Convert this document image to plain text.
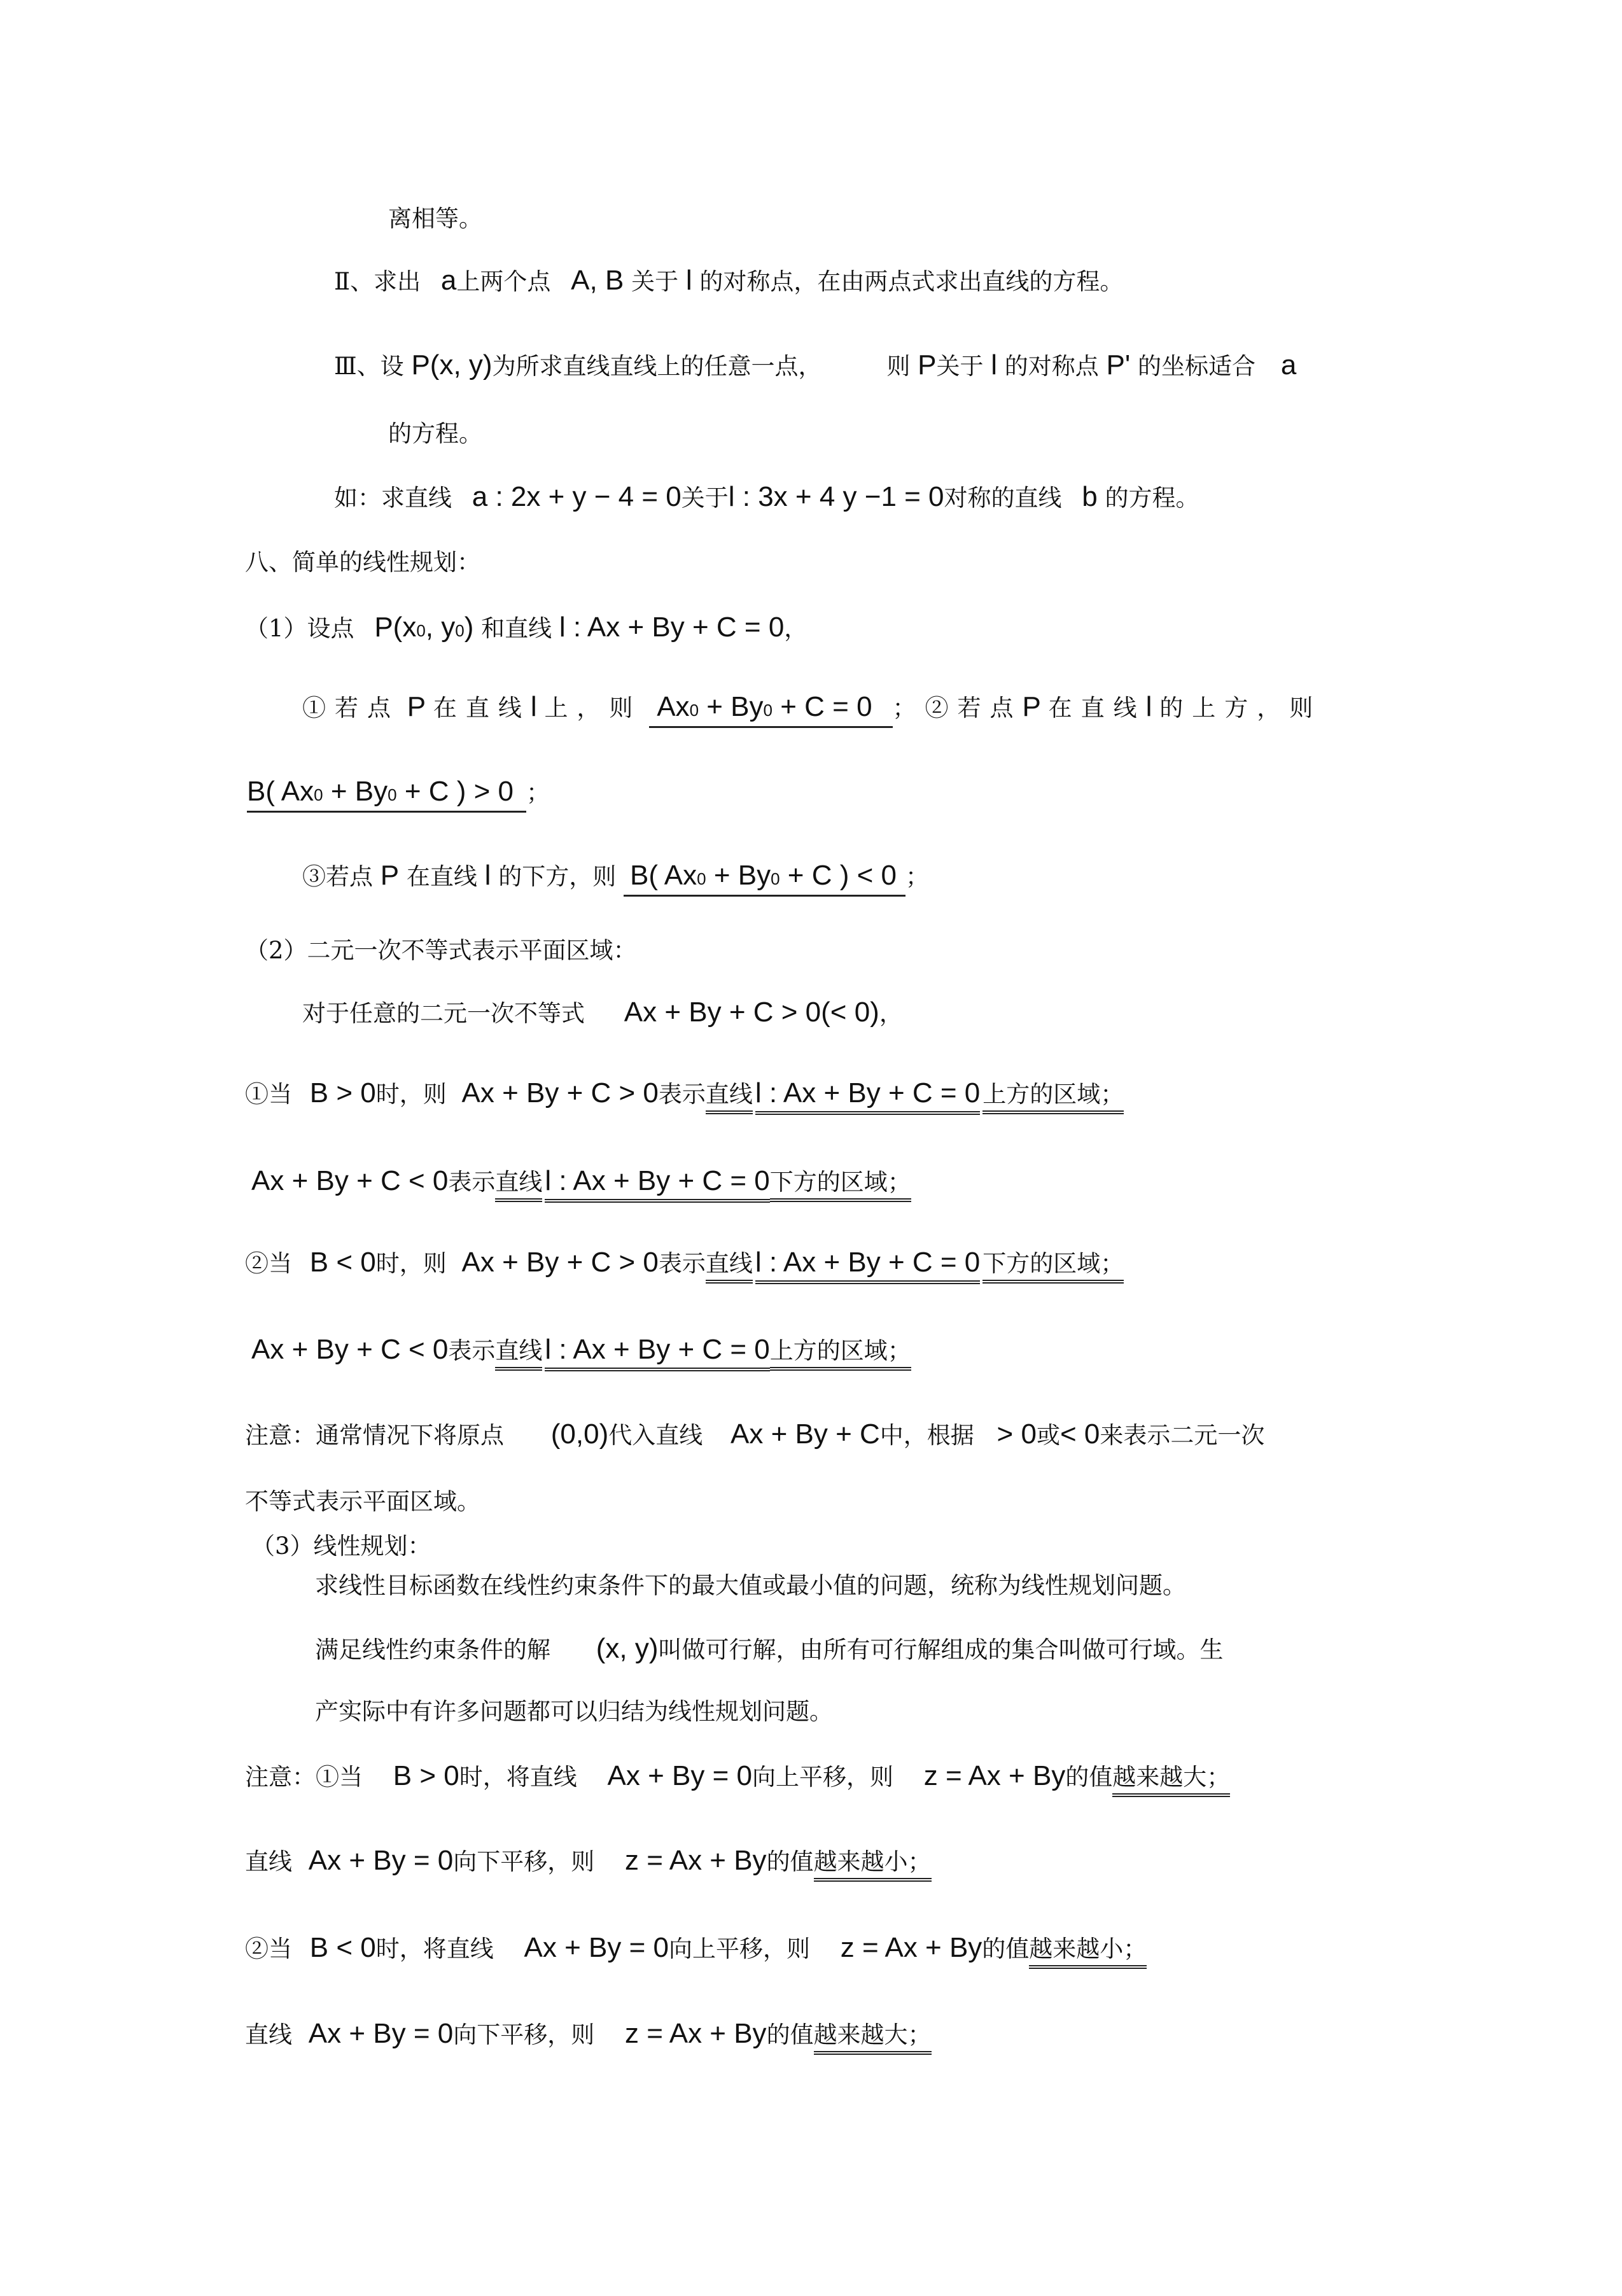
离相等。
Ⅱ、求出 a上两个点 A, B 关于 l 的对称点，在由两点式求出直线的方程。
Ⅲ、设 P(x, y)为所求直线直线上的任意一点，	则 P关于 l 的对称点 P' 的坐标适合 a
的方程。
如：求直线 a : 2x + y − 4 = 0关于l : 3x + 4 y −1 = 0对称的直线 b 的方程。
八、简单的线性规划：
（1）设点 P(x0, y0) 和直线 l : Ax + By + C = 0，
①若点 P 在直线l 上，则 Ax0 + By0 + C = 0 ；②若点P 在直线l 的上方，则
B( Ax0 + By0 + C ) > 0 ；
③若点 P 在直线 l 的下方，则 B( Ax0 + By0 + C ) < 0 ；
（2）二元一次不等式表示平面区域：
对于任意的二元一次不等式 Ax + By + C > 0(< 0)，
①当 B > 0时，则 Ax + By + C > 0表示直线l : Ax + By + C = 0 上方的区域；
Ax + By + C < 0表示直线l : Ax + By + C = 0下方的区域；
②当 B < 0时，则 Ax + By + C > 0表示直线l : Ax + By + C = 0 下方的区域；
Ax + By + C < 0表示直线l : Ax + By + C = 0上方的区域；
注意：通常情况下将原点 (0,0)代入直线 Ax + By + C中，根据 > 0或< 0来表示二元一次
不等式表示平面区域。
（3）线性规划：
求线性目标函数在线性约束条件下的最大值或最小值的问题，统称为线性规划问题。
满足线性约束条件的解 (x, y)叫做可行解，由所有可行解组成的集合叫做可行域。生
产实际中有许多问题都可以归结为线性规划问题。
注意：①当 B > 0时，将直线 Ax + By = 0向上平移，则 z = Ax + By的值越来越大；
直线 Ax + By = 0向下平移，则 z = Ax + By的值越来越小；
②当 B < 0时，将直线 Ax + By = 0向上平移，则 z = Ax + By的值越来越小；
直线 Ax + By = 0向下平移，则 z = Ax + By的值越来越大；
